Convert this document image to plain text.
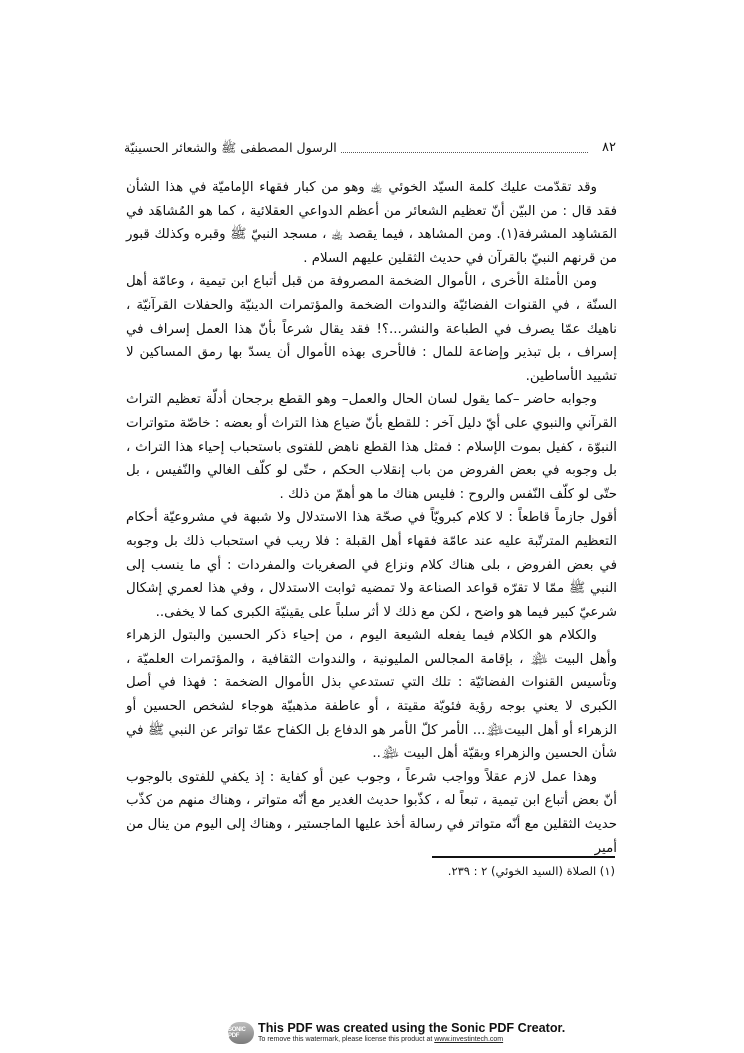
٨٢
الرسول المصطفى ﷺ والشعائر الحسينيّة

وقد تقدّمت عليك كلمة السيّد الخوئي ﵀ وهو من كبار فقهاء الإماميّة في هذا الشأن فقد قال : من البيّن أنّ تعظيم الشعائر من أعظم الدواعي العقلائية ، كما هو المُشاهَد في المَشاهِد المشرفة(١). ومن المشاهد ، فيما يقصد ﵀ ، مسجد النبيّ ﷺ وقبره وكذلك قبور من قرنهم النبيّ بالقرآن في حديث الثقلين عليهم السلام .

ومن الأمثلة الأخرى ، الأموال الضخمة المصروفة من قبل أتباع ابن تيمية ، وعامّة أهل السنّة ، في القنوات الفضائيّة والندوات الضخمة والمؤتمرات الدينيّة والحفلات القرآنيّة ، ناهيك عمّا يصرف في الطباعة والنشر...؟! فقد يقال شرعاً بأنّ هذا العمل إسراف في إسراف ، بل تبذير وإضاعة للمال : فالأحرى بهذه الأموال أن يسدّ بها رمق المساكين لا تشييد الأساطين.

وجوابه حاضر –كما يقول لسان الحال والعمل– وهو القطع برجحان أدلّة تعظيم التراث القرآني والنبوي على أيّ دليل آخر : للقطع بأنّ ضياع هذا التراث أو بعضه : خاصّة متواترات النبوّة ، كفيل بموت الإسلام : فمثل هذا القطع ناهض للفتوى باستحباب إحياء هذا التراث ، بل وجوبه في بعض الفروض من باب إنقلاب الحكم ، حتّى لو كلّف الغالي والنّفيس ، بل حتّى لو كلّف النّفس والروح : فليس هناك ما هو أهمّ من ذلك .

أقول جازماً قاطعاً : لا كلام كبرويّاً في صحّة هذا الاستدلال ولا شبهة في مشروعيّة أحكام التعظيم المترتّبة عليه عند عامّة فقهاء أهل القبلة : فلا ريب في استحباب ذلك بل وجوبه في بعض الفروض ، بلى هناك كلام ونزاع في الصغريات والمفردات : أي ما ينسب إلى النبي ﷺ ممّا لا تقرّه قواعد الصناعة ولا تمضيه ثوابت الاستدلال ، وفي هذا لعمري إشكال شرعيّ كبير فيما هو واضح ، لكن مع ذلك لا أثر سلباً على يقينيّة الكبرى كما لا يخفى..

والكلام هو الكلام فيما يفعله الشيعة اليوم ، من إحياء ذكر الحسين والبتول الزهراء وأهل البيت ﵈ ، بإقامة المجالس المليونية ، والندوات الثقافية ، والمؤتمرات العلميّة ، وتأسيس القنوات الفضائيّة : تلك التي تستدعي بذل الأموال الضخمة : فهذا في أصل الكبرى لا يعني بوجه رؤية فئويّة مقيتة ، أو عاطفة مذهبيّة هوجاء لشخص الحسين أو الزهراء أو أهل البيت﵈... الأمر كلّ الأمر هو الدفاع بل الكفاح عمّا تواتر عن النبي ﷺ في شأن الحسين والزهراء وبقيّة أهل البيت ﵈..

وهذا عمل لازم عقلاً وواجب شرعاً ، وجوب عين أو كفاية : إذ يكفي للفتوى بالوجوب أنّ بعض أتباع ابن تيمية ، تبعاً له ، كذّبوا حديث الغدير مع أنّه متواتر ، وهناك منهم من كذّب حديث الثقلين مع أنّه متواتر في رسالة أخذ عليها الماجستير ، وهناك إلى اليوم من ينال من أمير

(١) الصلاة (السيد الخوئي) ٢ : ٢٣٩.
SONIC PDF
This PDF was created using the Sonic PDF Creator.
To remove this watermark, please license this product at www.investintech.com
